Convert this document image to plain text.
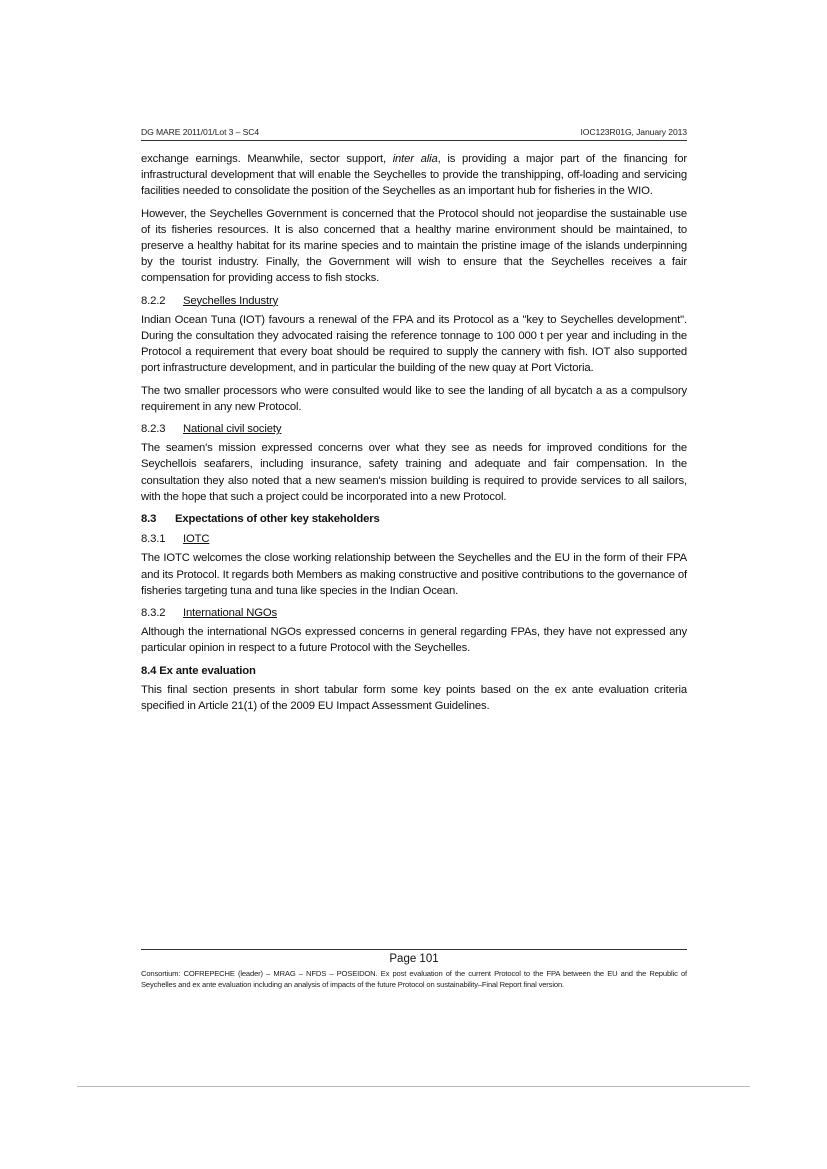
DG MARE 2011/01/Lot 3 – SC4	IOC123R01G, January 2013

exchange earnings. Meanwhile, sector support, inter alia, is providing a major part of the financing for infrastructural development that will enable the Seychelles to provide the transhipping, off-loading and servicing facilities needed to consolidate the position of the Seychelles as an important hub for fisheries in the WIO.

However, the Seychelles Government is concerned that the Protocol should not jeopardise the sustainable use of its fisheries resources. It is also concerned that a healthy marine environment should be maintained, to preserve a healthy habitat for its marine species and to maintain the pristine image of the islands underpinning by the tourist industry. Finally, the Government will wish to ensure that the Seychelles receives a fair compensation for providing access to fish stocks.

8.2.2 Seychelles Industry

Indian Ocean Tuna (IOT) favours a renewal of the FPA and its Protocol as a "key to Seychelles development". During the consultation they advocated raising the reference tonnage to 100 000 t per year and including in the Protocol a requirement that every boat should be required to supply the cannery with fish. IOT also supported port infrastructure development, and in particular the building of the new quay at Port Victoria.

The two smaller processors who were consulted would like to see the landing of all bycatch a as a compulsory requirement in any new Protocol.

8.2.3 National civil society

The seamen's mission expressed concerns over what they see as needs for improved conditions for the Seychellois seafarers, including insurance, safety training and adequate and fair compensation. In the consultation they also noted that a new seamen's mission building is required to provide services to all sailors, with the hope that such a project could be incorporated into a new Protocol.

8.3 Expectations of other key stakeholders
8.3.1 IOTC

The IOTC welcomes the close working relationship between the Seychelles and the EU in the form of their FPA and its Protocol. It regards both Members as making constructive and positive contributions to the governance of fisheries targeting tuna and tuna like species in the Indian Ocean.

8.3.2 International NGOs

Although the international NGOs expressed concerns in general regarding FPAs, they have not expressed any particular opinion in respect to a future Protocol with the Seychelles.

8.4 Ex ante evaluation

This final section presents in short tabular form some key points based on the ex ante evaluation criteria specified in Article 21(1) of the 2009 EU Impact Assessment Guidelines.

Page 101
Consortium: COFREPECHE (leader) – MRAG – NFDS – POSEIDON. Ex post evaluation of the current Protocol to the FPA between the EU and the Republic of Seychelles and ex ante evaluation including an analysis of impacts of the future Protocol on sustainability–Final Report final version.
